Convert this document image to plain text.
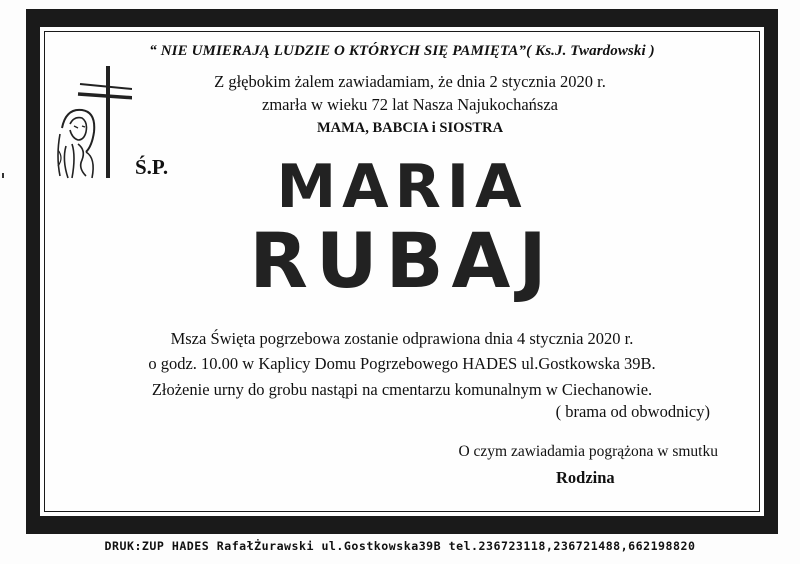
“ NIE UMIERAJĄ LUDZIE O KTÓRYCH SIĘ PAMIĘTA”( Ks.J. Twardowski )
Ś.P.
Z głębokim żalem zawiadamiam, że dnia 2 stycznia 2020 r.
zmarła w wieku 72 lat Nasza Najukochańsza
MAMA, BABCIA i SIOSTRA
MARIA
RUBAJ
Msza Święta pogrzebowa zostanie odprawiona dnia 4 stycznia 2020 r.
o godz. 10.00 w Kaplicy Domu Pogrzebowego HADES ul.Gostkowska 39B.
Złożenie urny do grobu nastąpi na cmentarzu komunalnym w Ciechanowie.
( brama od obwodnicy)
O czym zawiadamia pogrążona w smutku
Rodzina
DRUK:ZUP HADES RafałŻurawski ul.Gostkowska39B tel.236723118,236721488,662198820
